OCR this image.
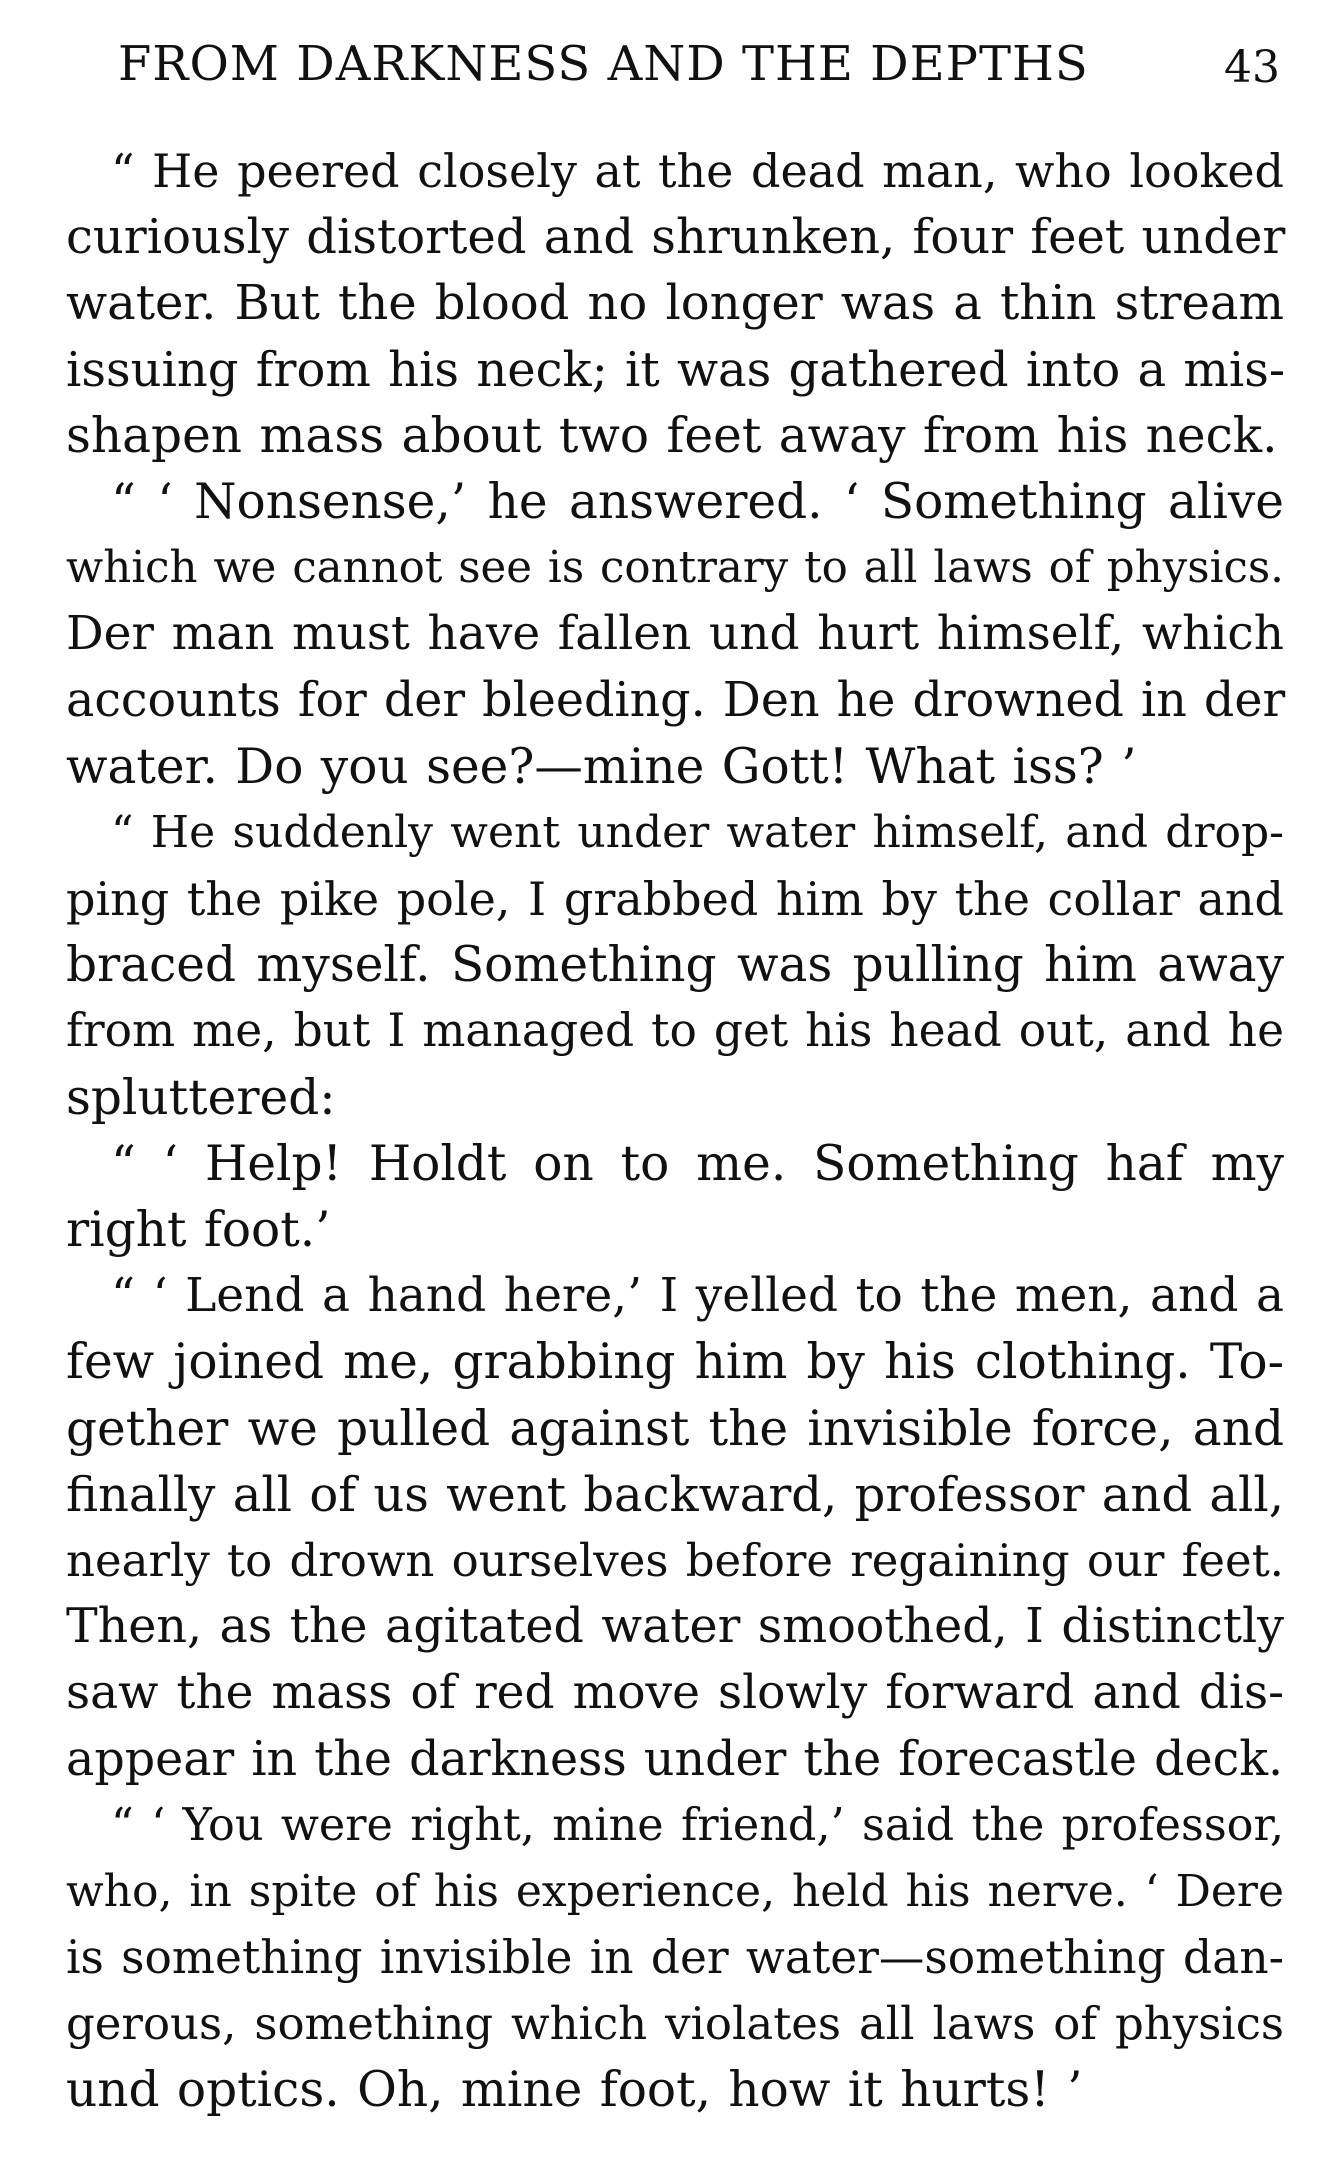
FROM DARKNESS AND THE DEPTHS	43
“ He peered closely at the dead man, who looked
curiously distorted and shrunken, four feet under
water. But the blood no longer was a thin stream
issuing from his neck; it was gathered into a mis-
shapen mass about two feet away from his neck.
“ ‘ Nonsense,’ he answered. ‘ Something alive
which we cannot see is contrary to all laws of physics.
Der man must have fallen und hurt himself, which
accounts for der bleeding. Den he drowned in der
water. Do you see?—mine Gott! What iss? ’
“ He suddenly went under water himself, and drop-
ping the pike pole, I grabbed him by the collar and
braced myself. Something was pulling him away
from me, but I managed to get his head out, and he
spluttered:
“ ‘ Help! Holdt on to me. Something haf my
right foot.’
“ ‘ Lend a hand here,’ I yelled to the men, and a
few joined me, grabbing him by his clothing. To-
gether we pulled against the invisible force, and
finally all of us went backward, professor and all,
nearly to drown ourselves before regaining our feet.
Then, as the agitated water smoothed, I distinctly
saw the mass of red move slowly forward and dis-
appear in the darkness under the forecastle deck.
“ ‘ You were right, mine friend,’ said the professor,
who, in spite of his experience, held his nerve. ‘ Dere
is something invisible in der water—something dan-
gerous, something which violates all laws of physics
und optics. Oh, mine foot, how it hurts! ’
